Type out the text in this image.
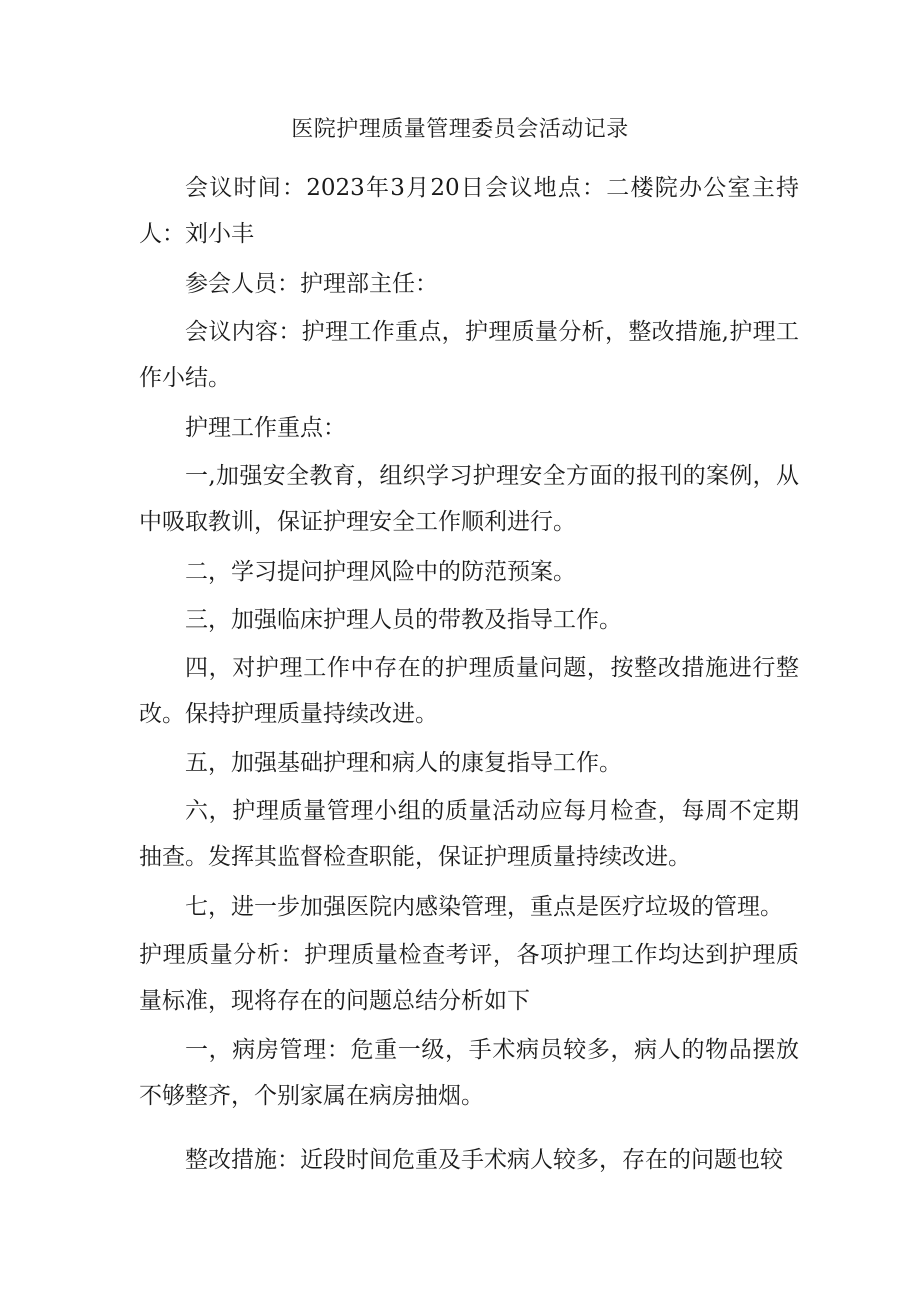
医院护理质量管理委员会活动记录

会议时间：2023年3月20日会议地点：二楼院办公室主持人：刘小丰

参会人员：护理部主任：

会议内容：护理工作重点，护理质量分析，整改措施,护理工作小结。

护理工作重点：

一,加强安全教育，组织学习护理安全方面的报刊的案例，从中吸取教训，保证护理安全工作顺利进行。

二，学习提问护理风险中的防范预案。

三，加强临床护理人员的带教及指导工作。

四，对护理工作中存在的护理质量问题，按整改措施进行整改。保持护理质量持续改进。

五，加强基础护理和病人的康复指导工作。

六，护理质量管理小组的质量活动应每月检查，每周不定期抽查。发挥其监督检查职能，保证护理质量持续改进。

七，进一步加强医院内感染管理，重点是医疗垃圾的管理。

护理质量分析：护理质量检查考评，各项护理工作均达到护理质量标准，现将存在的问题总结分析如下

一，病房管理：危重一级，手术病员较多，病人的物品摆放不够整齐，个别家属在病房抽烟。

整改措施：近段时间危重及手术病人较多，存在的问题也较
